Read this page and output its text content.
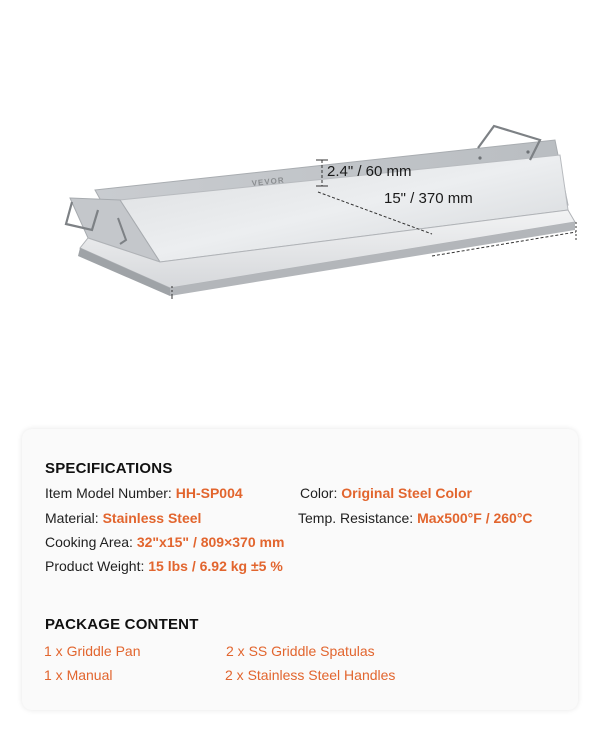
VEVOR
2.4" / 60 mm
15" / 370 mm
SPECIFICATIONS
Item Model Number: HH-SP004	Color: Original Steel Color
Material: Stainless Steel	Temp. Resistance: Max500°F / 260°C
Cooking Area: 32"x15" / 809×370 mm
Product Weight: 15 lbs / 6.92 kg ±5 %
PACKAGE CONTENT
1 x Griddle Pan	2 x SS Griddle Spatulas
1 x Manual	2 x Stainless Steel Handles
